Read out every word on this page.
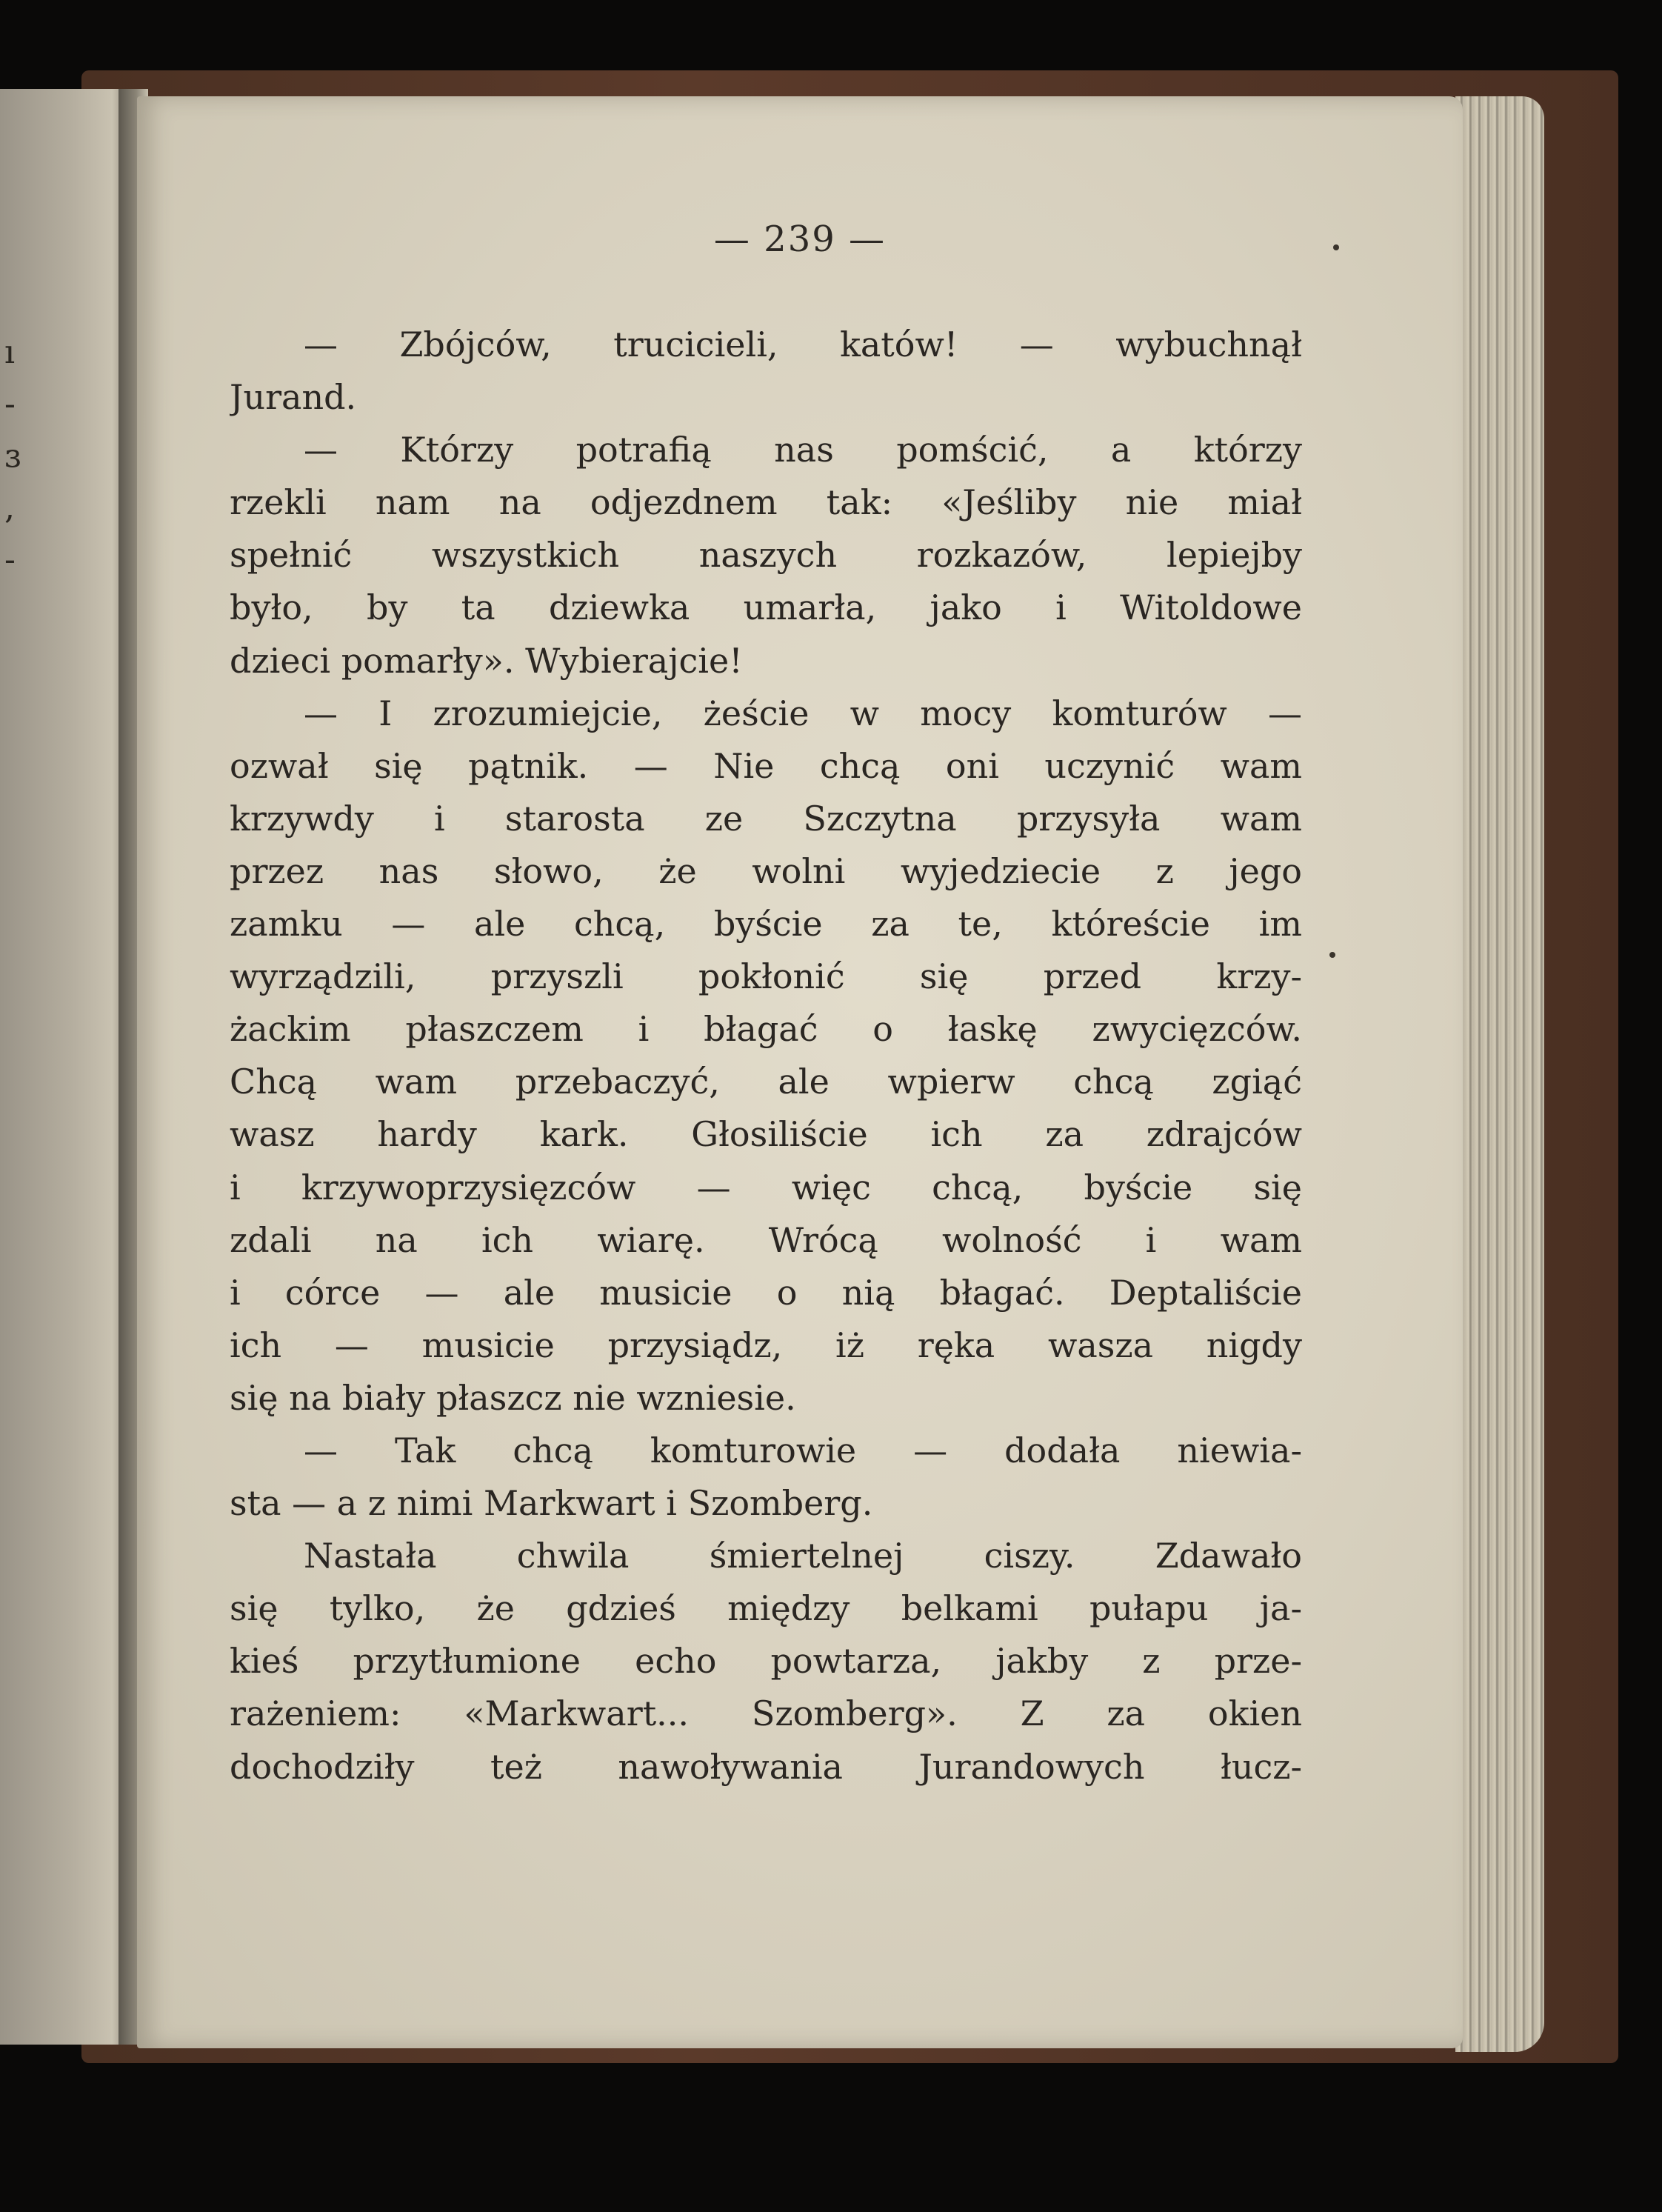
ı
-
ɜ
,
-
— 239 —
— Zbójców, trucicieli, katów! — wybuchnął
Jurand.
— Którzy potrafią nas pomścić, a którzy
rzekli nam na odjezdnem tak: «Jeśliby nie miał
spełnić wszystkich naszych rozkazów, lepiejby
było, by ta dziewka umarła, jako i Witoldowe
dzieci pomarły». Wybierajcie!
— I zrozumiejcie, żeście w mocy komturów —
ozwał się pątnik. — Nie chcą oni uczynić wam
krzywdy i starosta ze Szczytna przysyła wam
przez nas słowo, że wolni wyjedziecie z jego
zamku — ale chcą, byście za te, któreście im
wyrządzili, przyszli pokłonić się przed krzy-
żackim płaszczem i błagać o łaskę zwycięzców.
Chcą wam przebaczyć, ale wpierw chcą zgiąć
wasz hardy kark. Głosiliście ich za zdrajców
i krzywoprzysięzców — więc chcą, byście się
zdali na ich wiarę. Wrócą wolność i wam
i córce — ale musicie o nią błagać. Deptaliście
ich — musicie przysiądz, iż ręka wasza nigdy
się na biały płaszcz nie wzniesie.
— Tak chcą komturowie — dodała niewia-
sta — a z nimi Markwart i Szomberg.
Nastała chwila śmiertelnej ciszy. Zdawało
się tylko, że gdzieś między belkami pułapu ja-
kieś przytłumione echo powtarza, jakby z prze-
rażeniem: «Markwart... Szomberg». Z za okien
dochodziły też nawoływania Jurandowych łucz-
